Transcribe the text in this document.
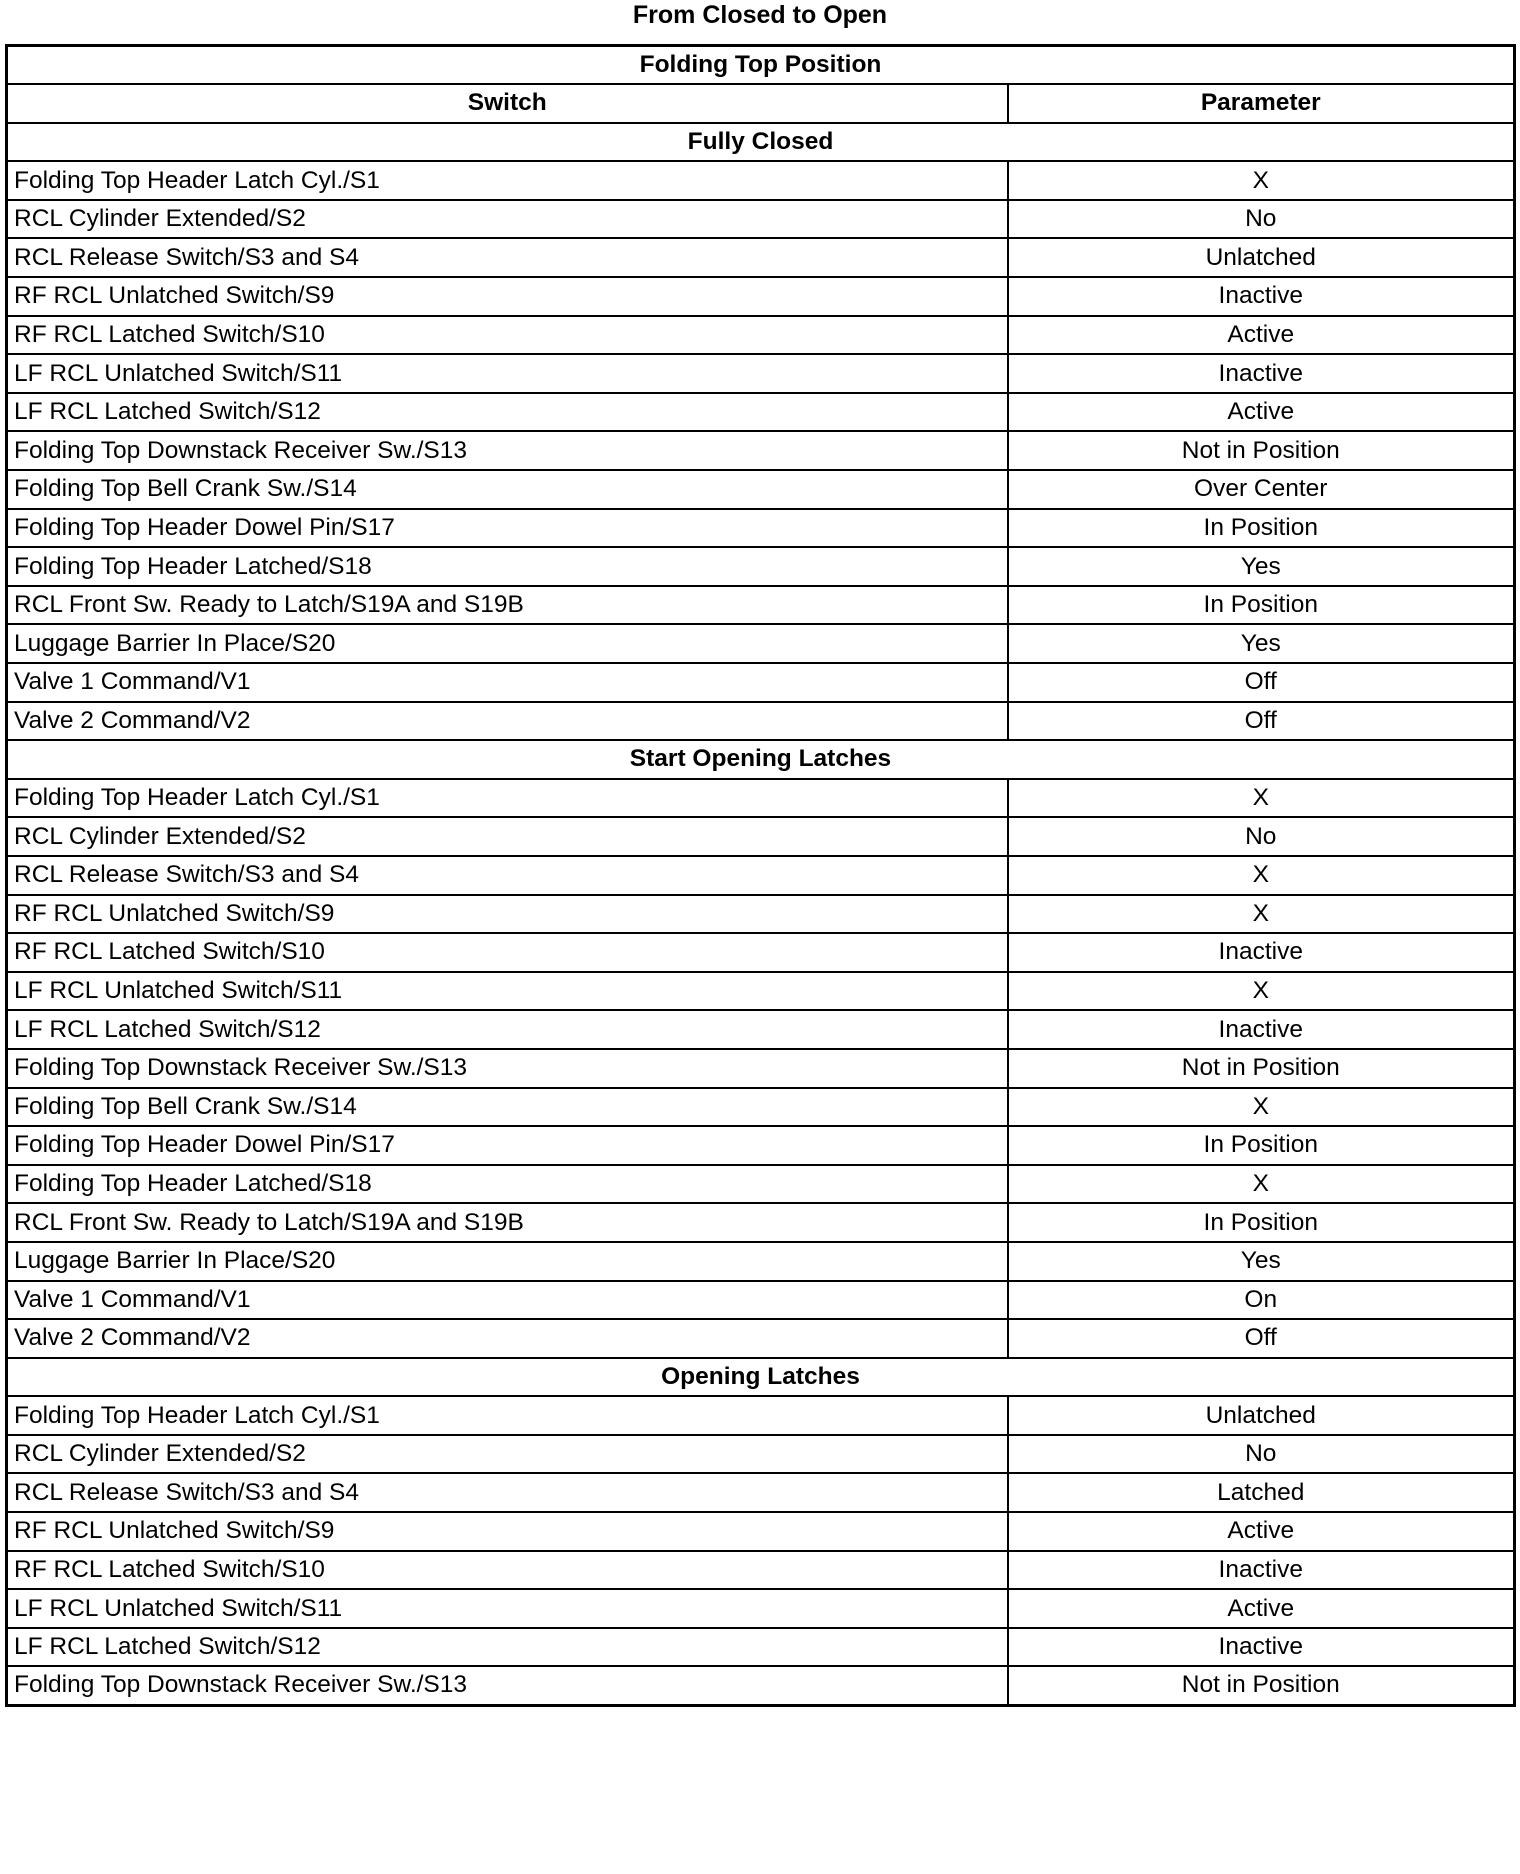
From Closed to Open
Folding Top Position	
Switch	Parameter
Fully Closed	
Folding Top Header Latch Cyl./S1	X
RCL Cylinder Extended/S2	No
RCL Release Switch/S3 and S4	Unlatched
RF RCL Unlatched Switch/S9	Inactive
RF RCL Latched Switch/S10	Active
LF RCL Unlatched Switch/S11	Inactive
LF RCL Latched Switch/S12	Active
Folding Top Downstack Receiver Sw./S13	Not in Position
Folding Top Bell Crank Sw./S14	Over Center
Folding Top Header Dowel Pin/S17	In Position
Folding Top Header Latched/S18	Yes
RCL Front Sw. Ready to Latch/S19A and S19B	In Position
Luggage Barrier In Place/S20	Yes
Valve 1 Command/V1	Off
Valve 2 Command/V2	Off
Start Opening Latches	
Folding Top Header Latch Cyl./S1	X
RCL Cylinder Extended/S2	No
RCL Release Switch/S3 and S4	X
RF RCL Unlatched Switch/S9	X
RF RCL Latched Switch/S10	Inactive
LF RCL Unlatched Switch/S11	X
LF RCL Latched Switch/S12	Inactive
Folding Top Downstack Receiver Sw./S13	Not in Position
Folding Top Bell Crank Sw./S14	X
Folding Top Header Dowel Pin/S17	In Position
Folding Top Header Latched/S18	X
RCL Front Sw. Ready to Latch/S19A and S19B	In Position
Luggage Barrier In Place/S20	Yes
Valve 1 Command/V1	On
Valve 2 Command/V2	Off
Opening Latches	
Folding Top Header Latch Cyl./S1	Unlatched
RCL Cylinder Extended/S2	No
RCL Release Switch/S3 and S4	Latched
RF RCL Unlatched Switch/S9	Active
RF RCL Latched Switch/S10	Inactive
LF RCL Unlatched Switch/S11	Active
LF RCL Latched Switch/S12	Inactive
Folding Top Downstack Receiver Sw./S13	Not in Position
